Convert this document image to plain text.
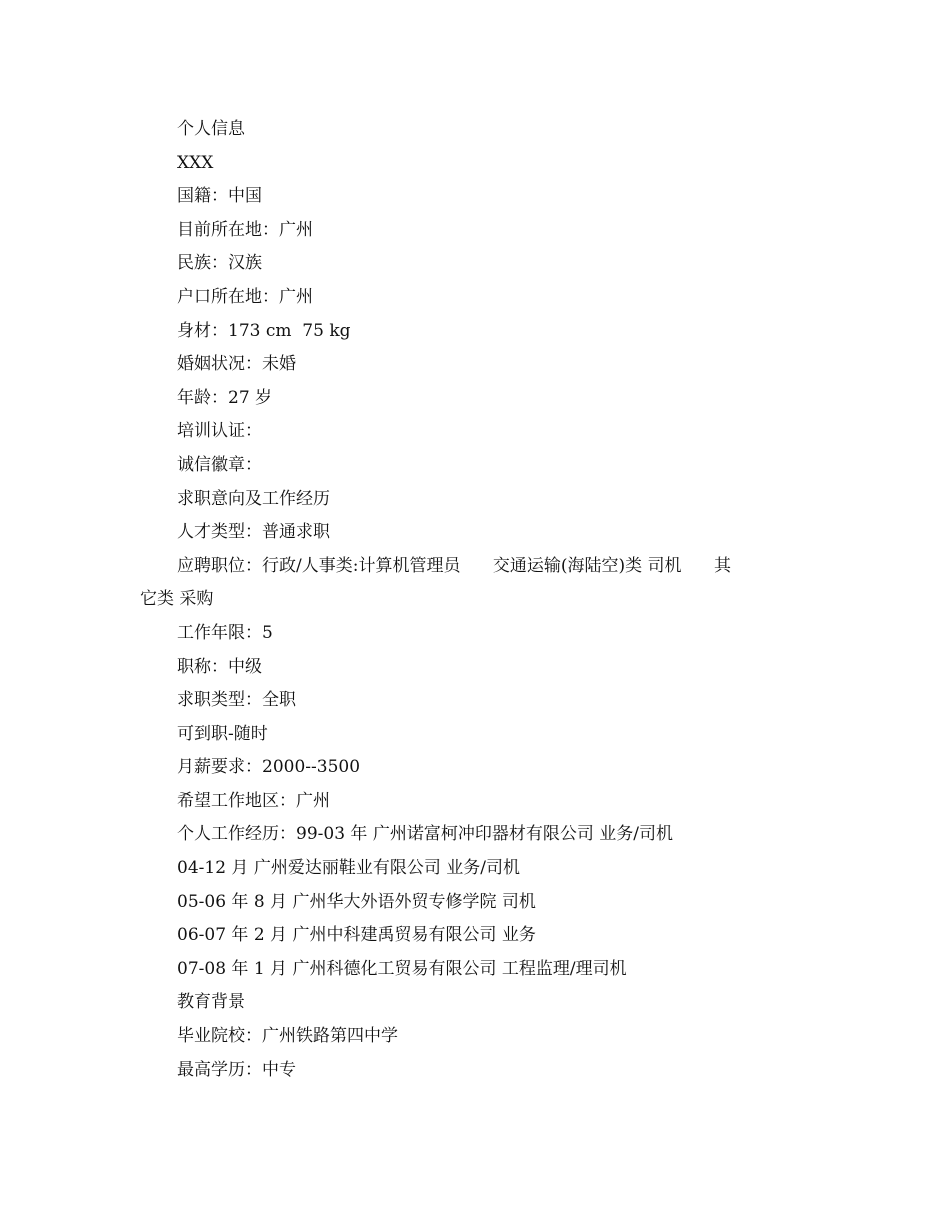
个人信息
XXX
国籍：中国
目前所在地：广州
民族：汉族
户口所在地：广州
身材：173 cm  75 kg
婚姻状况：未婚
年龄：27 岁
培训认证：
诚信徽章：
求职意向及工作经历
人才类型：普通求职
应聘职位：行政/人事类:计算机管理员      交通运输(海陆空)类 司机      其
它类 采购
工作年限：5
职称：中级
求职类型：全职
可到职-随时
月薪要求：2000--3500
希望工作地区：广州
个人工作经历：99-03 年 广州诺富柯冲印器材有限公司 业务/司机
04-12 月 广州爱达丽鞋业有限公司 业务/司机
05-06 年 8 月 广州华大外语外贸专修学院 司机
06-07 年 2 月 广州中科建禹贸易有限公司 业务
07-08 年 1 月 广州科德化工贸易有限公司 工程监理/理司机
教育背景
毕业院校：广州铁路第四中学
最高学历：中专
